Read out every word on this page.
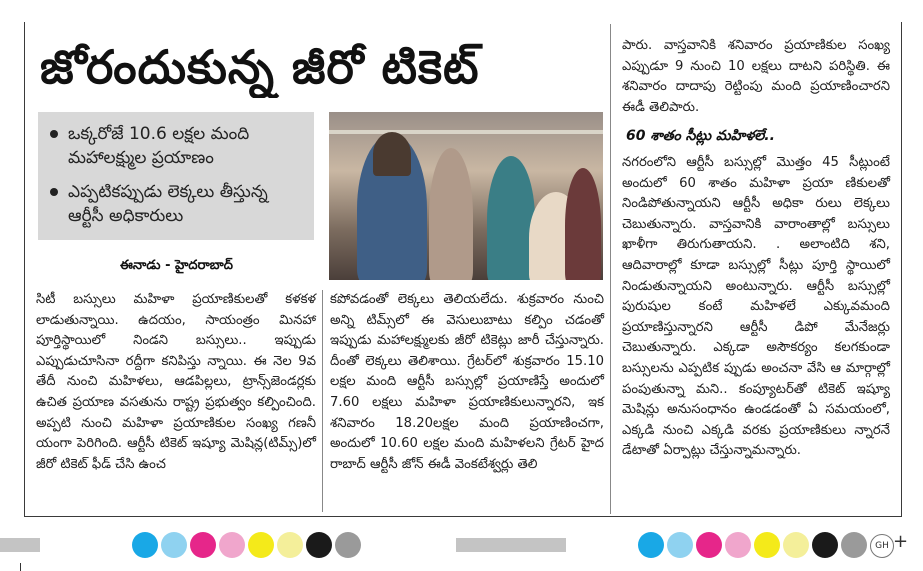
జోరందుకున్న జీరో టికెట్
ఒక్కరోజే 10.6 లక్షల మంది మహాలక్ష్ముల ప్రయాణం
ఎప్పటికప్పుడు లెక్కలు తీస్తున్న ఆర్టీసీ అధికారులు
ఈనాడు - హైదరాబాద్

సిటీ బస్సులు మహిళా ప్రయాణికులతో కళకళ లాడుతున్నాయి. ఉదయం, సాయంత్రం మినహా పూర్తిస్థాయిలో నిండని బస్సులు.. ఇప్పుడు ఎప్పుడుచూసినా రద్దీగా కనిపిస్తు న్నాయి. ఈ నెల 9వ తేదీ నుంచి మహిళలు, ఆడపిల్లలు, ట్రాన్స్‌జెండర్లకు ఉచిత ప్రయాణ వసతును రాష్ట్ర ప్రభుత్వం కల్పించింది. అప్పటి నుంచి మహిళా ప్రయాణికుల సంఖ్య గణనీ యంగా పెరిగింది. ఆర్టీసీ టికెట్ ఇష్యూ మెషిన్ల(టిమ్స్)లో జీరో టికెట్ ఫీడ్ చేసి ఉంచ

కపోవడంతో లెక్కలు తెలియలేదు. శుక్రవారం నుంచి అన్ని టిమ్స్‌లో ఈ వెసులుబాటు కల్పిం చడంతో ఇప్పుడు మహాలక్ష్ములకు జీరో టికెట్లు జారీ చేస్తున్నారు. దీంతో లెక్కలు తెలిశాయి. గ్రేటర్‌లో శుక్రవారం 15.10 లక్షల మంది ఆర్టీసీ బస్సుల్లో ప్రయాణిస్తే అందులో 7.60 లక్షలు మహిళా ప్రయాణికులున్నారని, ఇక శనివారం 18.20లక్షల మంది ప్రయాణించగా, అందులో 10.60 లక్షల మంది మహిళలని గ్రేటర్ హైద రాబాద్ ఆర్టీసీ జోన్ ఈడీ వెంకటేశ్వర్లు తెలి

పారు. వాస్తవానికి శనివారం ప్రయాణికుల సంఖ్య ఎప్పుడూ 9 నుంచి 10 లక్షలు దాటని పరిస్థితి. ఈ శనివారం దాదాపు రెట్టింపు మంది ప్రయాణించారని ఈడీ తెలిపారు.

60 శాతం సీట్లు మహిళలే..

నగరంలోని ఆర్టీసీ బస్సుల్లో మొత్తం 45 సీట్లుంటే అందులో 60 శాతం మహిళా ప్రయా ణికులతో నిండిపోతున్నాయని ఆర్టీసీ అధికా రులు లెక్కలు చెబుతున్నారు. వాస్తవానికి వారాంతాల్లో బస్సులు ఖాళీగా తిరుగుతాయని. . అలాంటిది శని, ఆదివారాల్లో కూడా బస్సుల్లో సీట్లు పూర్తి స్థాయిలో నిండుతున్నాయని అంటున్నారు. ఆర్టీసీ బస్సుల్లో పురుషుల కంటే మహిళలే ఎక్కువమంది ప్రయాణిస్తున్నారని ఆర్టీసీ డిపో మేనేజర్లు చెబుతున్నారు. ఎక్కడా అసౌకర్యం కలగకుండా బస్సులను ఎప్పటిక ప్పుడు అంచనా వేసి ఆ మార్గాల్లో పంపుతున్నా మని.. కంప్యూటర్‌తో టికెట్ ఇష్యూ మెషిన్లు అనుసంధానం ఉండడంతో ఏ సమయంలో, ఎక్కడి నుంచి ఎక్కడి వరకు ప్రయాణికులు న్నారనే డేటాతో ఏర్పాట్లు చేస్తున్నామన్నారు.

GH +
